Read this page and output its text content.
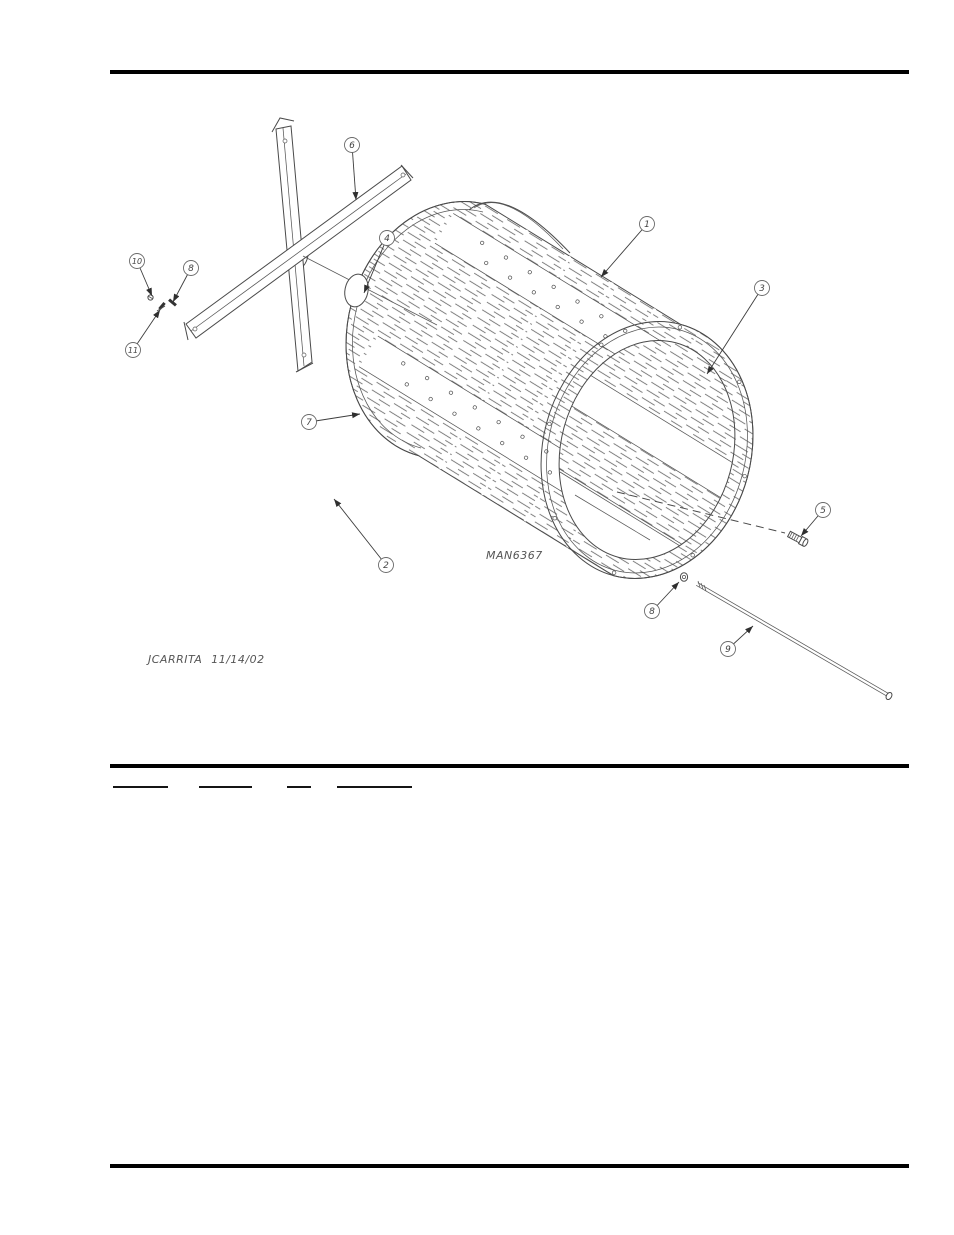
1
2
3
4
5
6
7
8
9
10
11
8
MAN6367
JCARRITA 11/14/02
